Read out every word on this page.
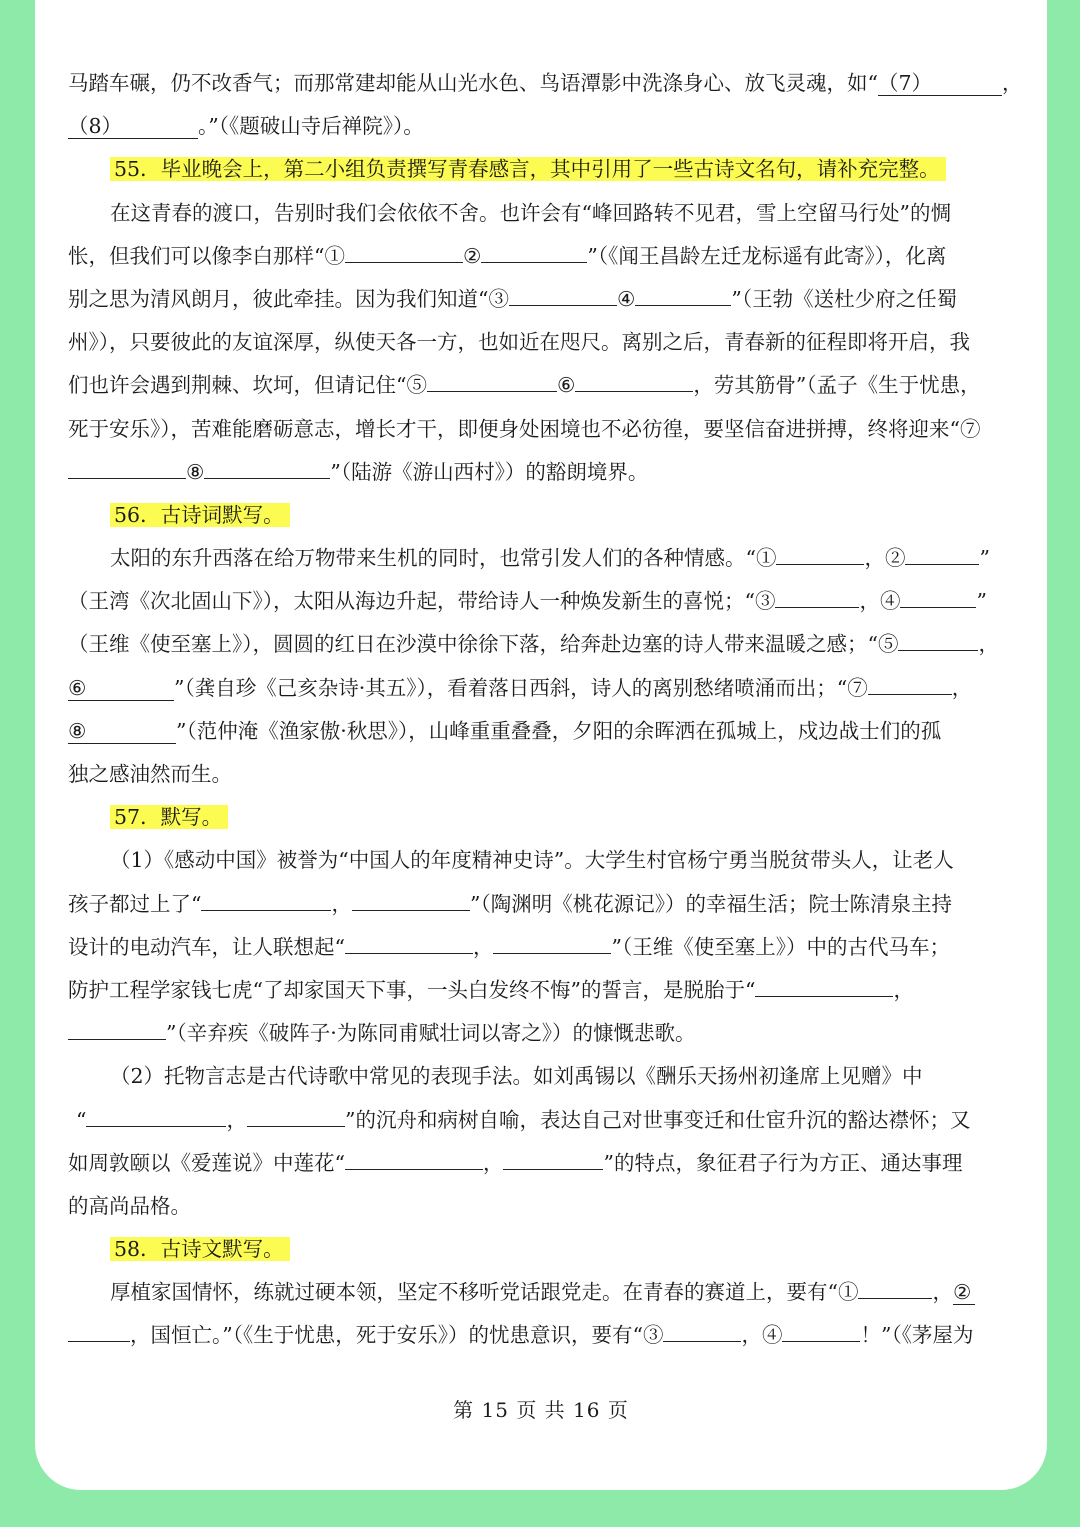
马踏车碾，仍不改香气；而那常建却能从山光水色、鸟语潭影中洗涤身心、放飞灵魂，如“（7）	，
（8）	。”（《题破山寺后禅院》）。
55．毕业晚会上，第二小组负责撰写青春感言，其中引用了一些古诗文名句，请补充完整。
在这青春的渡口，告别时我们会依依不舍。也许会有“峰回路转不见君，雪上空留马行处”的惆
怅，但我们可以像李白那样“①	②	”（《闻王昌龄左迁龙标遥有此寄》），化离
别之思为清风朗月，彼此牵挂。因为我们知道“③	④	”（王勃《送杜少府之任蜀
州》），只要彼此的友谊深厚，纵使天各一方，也如近在咫尺。离别之后，青春新的征程即将开启，我
们也许会遇到荆棘、坎坷，但请记住“⑤	⑥	，劳其筋骨”（孟子《生于忧患，
死于安乐》），苦难能磨砺意志，增长才干，即便身处困境也不必彷徨，要坚信奋进拼搏，终将迎来“⑦
⑧	”（陆游《游山西村》）的豁朗境界。
56．古诗词默写。
太阳的东升西落在给万物带来生机的同时，也常引发人们的各种情感。“①	，②	”
（王湾《次北固山下》），太阳从海边升起，带给诗人一种焕发新生的喜悦；“③	，④	”
（王维《使至塞上》），圆圆的红日在沙漠中徐徐下落，给奔赴边塞的诗人带来温暖之感；“⑤	，
⑥	”（龚自珍《己亥杂诗·其五》），看着落日西斜，诗人的离别愁绪喷涌而出；“⑦	，
⑧	”（范仲淹《渔家傲·秋思》），山峰重重叠叠，夕阳的余晖洒在孤城上，戍边战士们的孤
独之感油然而生。
57．默写。
（1）《感动中国》被誉为“中国人的年度精神史诗”。大学生村官杨宁勇当脱贫带头人，让老人
孩子都过上了“	，	”（陶渊明《桃花源记》）的幸福生活；院士陈清泉主持
设计的电动汽车，让人联想起“	，	”（王维《使至塞上》）中的古代马车；
防护工程学家钱七虎“了却家国天下事，一头白发终不悔”的誓言，是脱胎于“	，
”（辛弃疾《破阵子·为陈同甫赋壮词以寄之》）的慷慨悲歌。
（2）托物言志是古代诗歌中常见的表现手法。如刘禹锡以《酬乐天扬州初逢席上见赠》中
“	，	”的沉舟和病树自喻，表达自己对世事变迁和仕宦升沉的豁达襟怀；又
如周敦颐以《爱莲说》中莲花“	，	”的特点，象征君子行为方正、通达事理
的高尚品格。
58．古诗文默写。
厚植家国情怀，练就过硬本领，坚定不移听党话跟党走。在青春的赛道上，要有“①	，②
，国恒亡。”（《生于忧患，死于安乐》）的忧患意识，要有“③	，④	！”（《茅屋为
第 15 页 共 16 页
